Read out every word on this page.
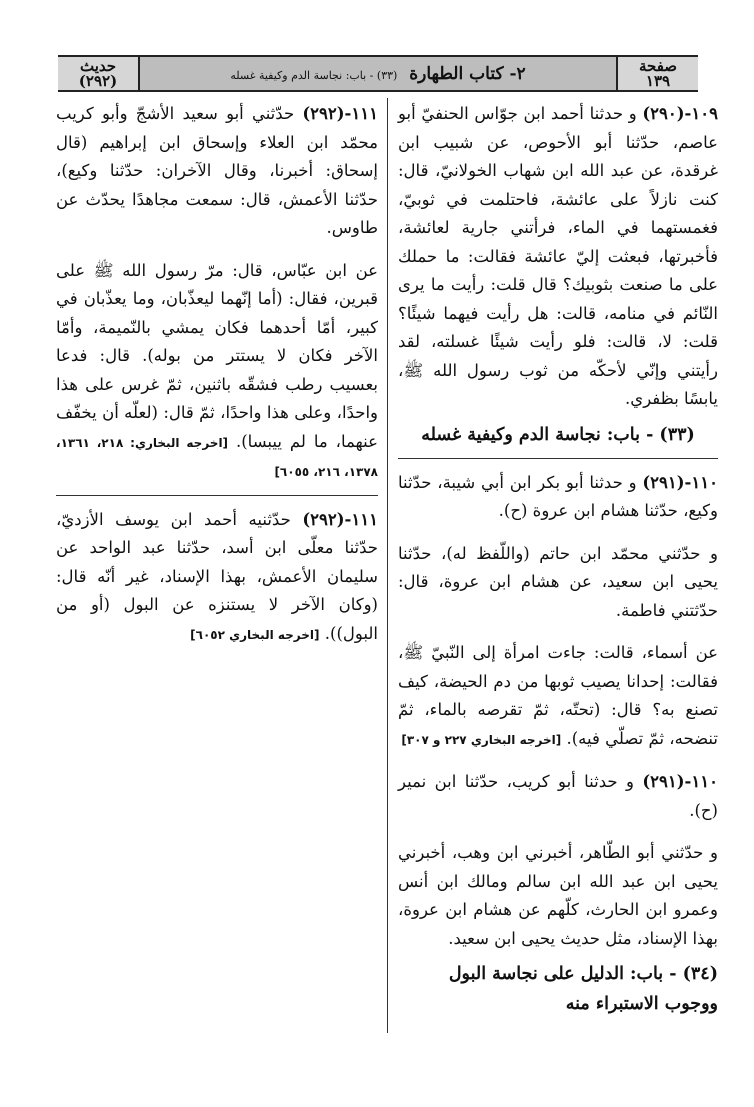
صفحة
١٣٩
٢- كتاب الطهارة (٣٣) - باب: نجاسة الدم وكيفية غسله
حديث
(٢٩٢)

١٠٩-(٢٩٠) و حدثنا أحمد ابن جوّاس الحنفيّ أبو عاصم، حدّثنا أبو الأحوص، عن شبيب ابن غرقدة، عن عبد الله ابن شهاب الخولانيّ، قال: كنت نازلاً على عائشة، فاحتلمت في ثوبيّ، فغمستهما في الماء، فرأتني جارية لعائشة، فأخبرتها، فبعثت إليّ عائشة فقالت: ما حملك على ما صنعت بثوبيك؟ قال قلت: رأيت ما يرى النّائم في منامه، قالت: هل رأيت فيهما شيئًا؟ قلت: لا، قالت: فلو رأيت شيئًا غسلته، لقد رأيتني وإنّي لأحكّه من ثوب رسول الله ﷺ، يابسًا بظفري.

(٣٣) - باب: نجاسة الدم وكيفية غسله

١١٠-(٢٩١) و حدثنا أبو بكر ابن أبي شيبة، حدّثنا وكيع، حدّثنا هشام ابن عروة (ح).

و حدّثني محمّد ابن حاتم (واللّفظ له)، حدّثنا يحيى ابن سعيد، عن هشام ابن عروة، قال: حدّثتني فاطمة.

عن أسماء، قالت: جاءت امرأة إلى النّبيّ ﷺ، فقالت: إحدانا يصيب ثوبها من دم الحيضة، كيف تصنع به؟ قال: (تحتّه، ثمّ تقرصه بالماء، ثمّ تنضحه، ثمّ تصلّي فيه). [اخرجه البخاري ٢٢٧ و ٣٠٧]

١١٠-(٢٩١) و حدثنا أبو كريب، حدّثنا ابن نمير (ح).

و حدّثني أبو الطّاهر، أخبرني ابن وهب، أخبرني يحيى ابن عبد الله ابن سالم ومالك ابن أنس وعمرو ابن الحارث، كلّهم عن هشام ابن عروة، بهذا الإسناد، مثل حديث يحيى ابن سعيد.

(٣٤) - باب: الدليل على نجاسة البول ووجوب الاستبراء منه

١١١-(٢٩٢) حدّثني أبو سعيد الأشجّ وأبو كريب محمّد ابن العلاء وإسحاق ابن إبراهيم (قال إسحاق: أخبرنا، وقال الآخران: حدّثنا وكيع)، حدّثنا الأعمش، قال: سمعت مجاهدًا يحدّث عن طاوس.

عن ابن عبّاس، قال: مرّ رسول الله ﷺ على قبرين، فقال: (أما إنّهما ليعذّبان، وما يعذّبان في كبير، أمّا أحدهما فكان يمشي بالنّميمة، وأمّا الآخر فكان لا يستتر من بوله). قال: فدعا بعسيب رطب فشقّه باثنين، ثمّ غرس على هذا واحدًا، وعلى هذا واحدًا، ثمّ قال: (لعلّه أن يخفّف عنهما، ما لم ييبسا). [اخرجه البخاري: ٢١٨، ١٣٦١، ١٣٧٨، ٢١٦، ٦٠٥٥]

١١١-(٢٩٢) حدّثنيه أحمد ابن يوسف الأزديّ، حدّثنا معلّى ابن أسد، حدّثنا عبد الواحد عن سليمان الأعمش، بهذا الإسناد، غير أنّه قال: (وكان الآخر لا يستنزه عن البول (أو من البول)). [اخرجه البخاري ٦٠٥٢]
